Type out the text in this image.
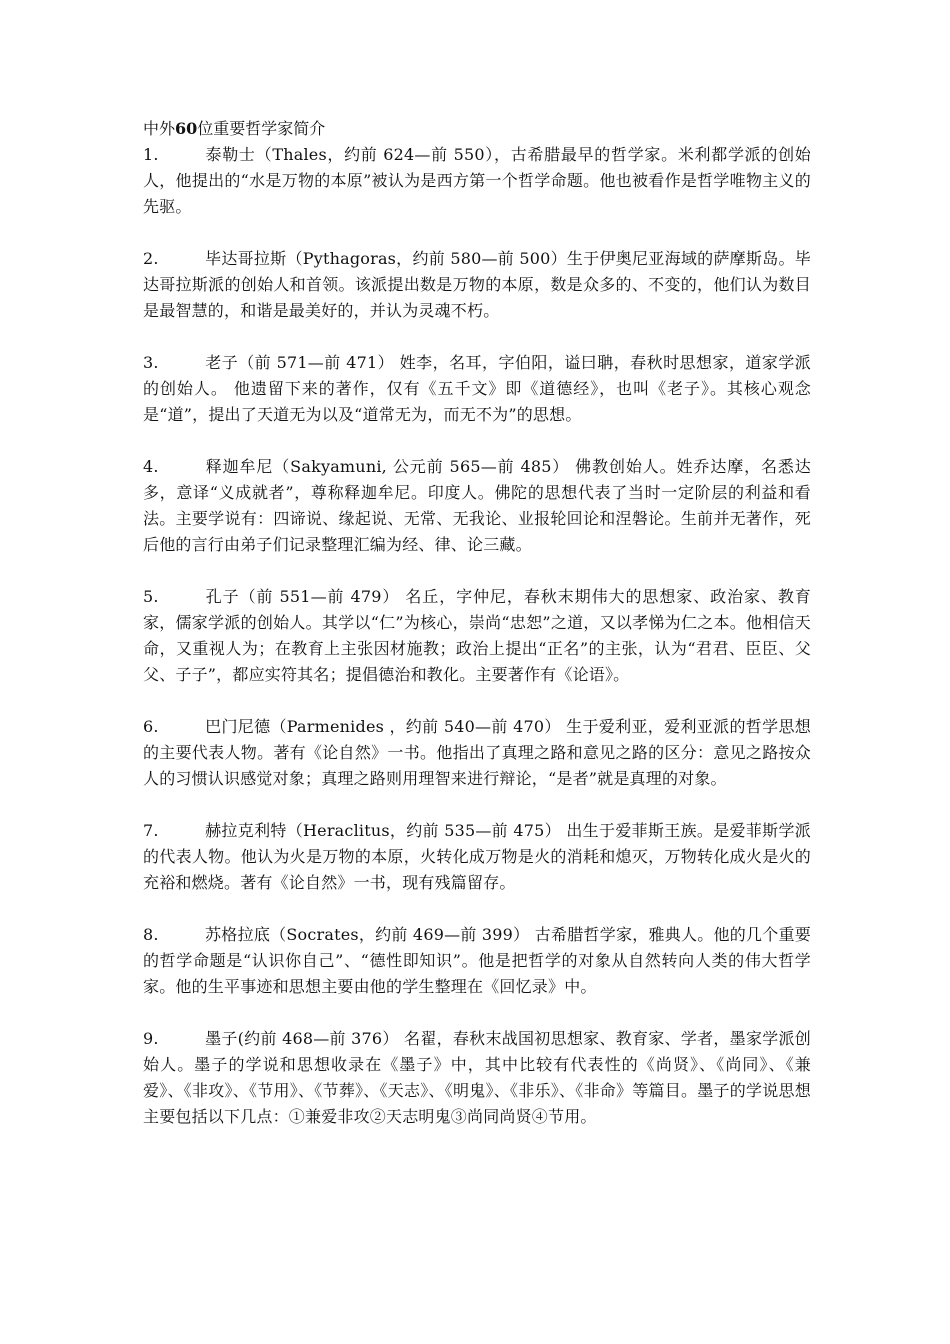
中外60位重要哲学家简介

1.	泰勒士（Thales，约前 624—前 550），古希腊最早的哲学家。米利都学派的创始人，他提出的“水是万物的本原”被认为是西方第一个哲学命题。他也被看作是哲学唯物主义的先驱。

2.	毕达哥拉斯（Pythagoras，约前 580—前 500）生于伊奥尼亚海域的萨摩斯岛。毕达哥拉斯派的创始人和首领。该派提出数是万物的本原，数是众多的、不变的，他们认为数目是最智慧的，和谐是最美好的，并认为灵魂不朽。

3.	老子（前 571—前 471） 姓李，名耳，字伯阳，谥曰聃，春秋时思想家，道家学派的创始人。 他遗留下来的著作，仅有《五千文》即《道德经》，也叫《老子》。其核心观念是“道”，提出了天道无为以及“道常无为，而无不为”的思想。

4.	释迦牟尼（Sakyamuni, 公元前 565—前 485） 佛教创始人。姓乔达摩，名悉达多，意译“义成就者”，尊称释迦牟尼。印度人。佛陀的思想代表了当时一定阶层的利益和看法。主要学说有：四谛说、缘起说、无常、无我论、业报轮回论和涅磐论。生前并无著作，死后他的言行由弟子们记录整理汇编为经、律、论三藏。

5.	孔子（前 551—前 479） 名丘，字仲尼，春秋末期伟大的思想家、政治家、教育家，儒家学派的创始人。其学以“仁”为核心，崇尚“忠恕”之道，又以孝悌为仁之本。他相信天命，又重视人为；在教育上主张因材施教；政治上提出“正名”的主张，认为“君君、臣臣、父父、子子”，都应实符其名；提倡德治和教化。主要著作有《论语》。

6.	巴门尼德（Parmenides ，约前 540—前 470） 生于爱利亚，爱利亚派的哲学思想的主要代表人物。著有《论自然》一书。他指出了真理之路和意见之路的区分：意见之路按众人的习惯认识感觉对象；真理之路则用理智来进行辩论，“是者”就是真理的对象。

7.	赫拉克利特（Heraclitus，约前 535—前 475） 出生于爱菲斯王族。是爱菲斯学派的代表人物。他认为火是万物的本原，火转化成万物是火的消耗和熄灭，万物转化成火是火的充裕和燃烧。著有《论自然》一书，现有残篇留存。

8.	苏格拉底（Socrates，约前 469—前 399） 古希腊哲学家，雅典人。他的几个重要的哲学命题是“认识你自己”、“德性即知识”。他是把哲学的对象从自然转向人类的伟大哲学家。他的生平事迹和思想主要由他的学生整理在《回忆录》中。

9.	墨子(约前 468—前 376） 名翟，春秋末战国初思想家、教育家、学者，墨家学派创始人。墨子的学说和思想收录在《墨子》中，其中比较有代表性的《尚贤》、《尚同》、《兼爱》、《非攻》、《节用》、《节葬》、《天志》、《明鬼》、《非乐》、《非命》等篇目。墨子的学说思想主要包括以下几点：①兼爱非攻②天志明鬼③尚同尚贤④节用。
